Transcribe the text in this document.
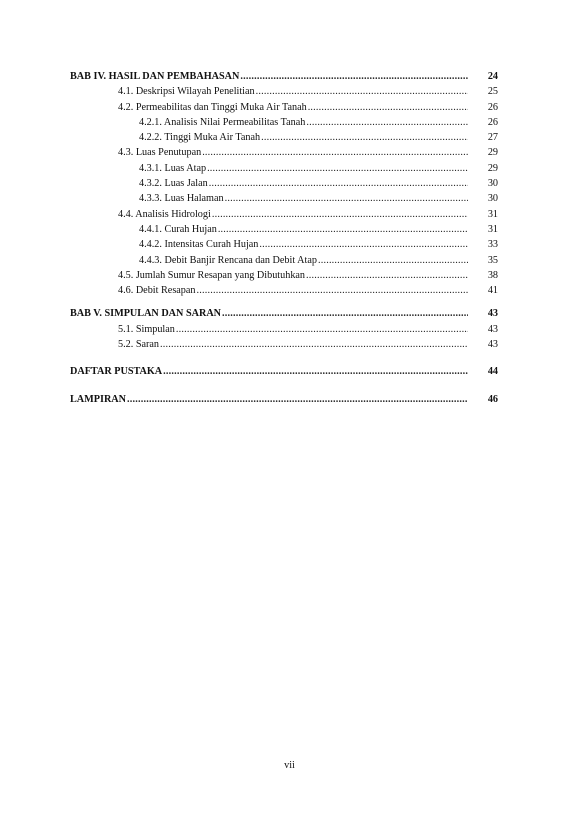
BAB IV. HASIL DAN PEMBAHASAN .....	24
4.1. Deskripsi Wilayah Penelitian .....	25
4.2. Permeabilitas dan Tinggi Muka Air Tanah .....	26
4.2.1. Analisis Nilai Permeabilitas Tanah .....	26
4.2.2. Tinggi Muka Air Tanah .....	27
4.3. Luas Penutupan .....	29
4.3.1. Luas Atap .....	29
4.3.2. Luas Jalan .....	30
4.3.3. Luas Halaman .....	30
4.4. Analisis Hidrologi .....	31
4.4.1. Curah Hujan .....	31
4.4.2. Intensitas Curah Hujan .....	33
4.4.3. Debit Banjir Rencana dan Debit Atap .....	35
4.5. Jumlah Sumur Resapan yang Dibutuhkan .....	38
4.6. Debit Resapan .....	41
BAB V. SIMPULAN DAN SARAN .....	43
5.1. Simpulan .....	43
5.2. Saran .....	43
DAFTAR PUSTAKA .....	44
LAMPIRAN .....	46
vii
